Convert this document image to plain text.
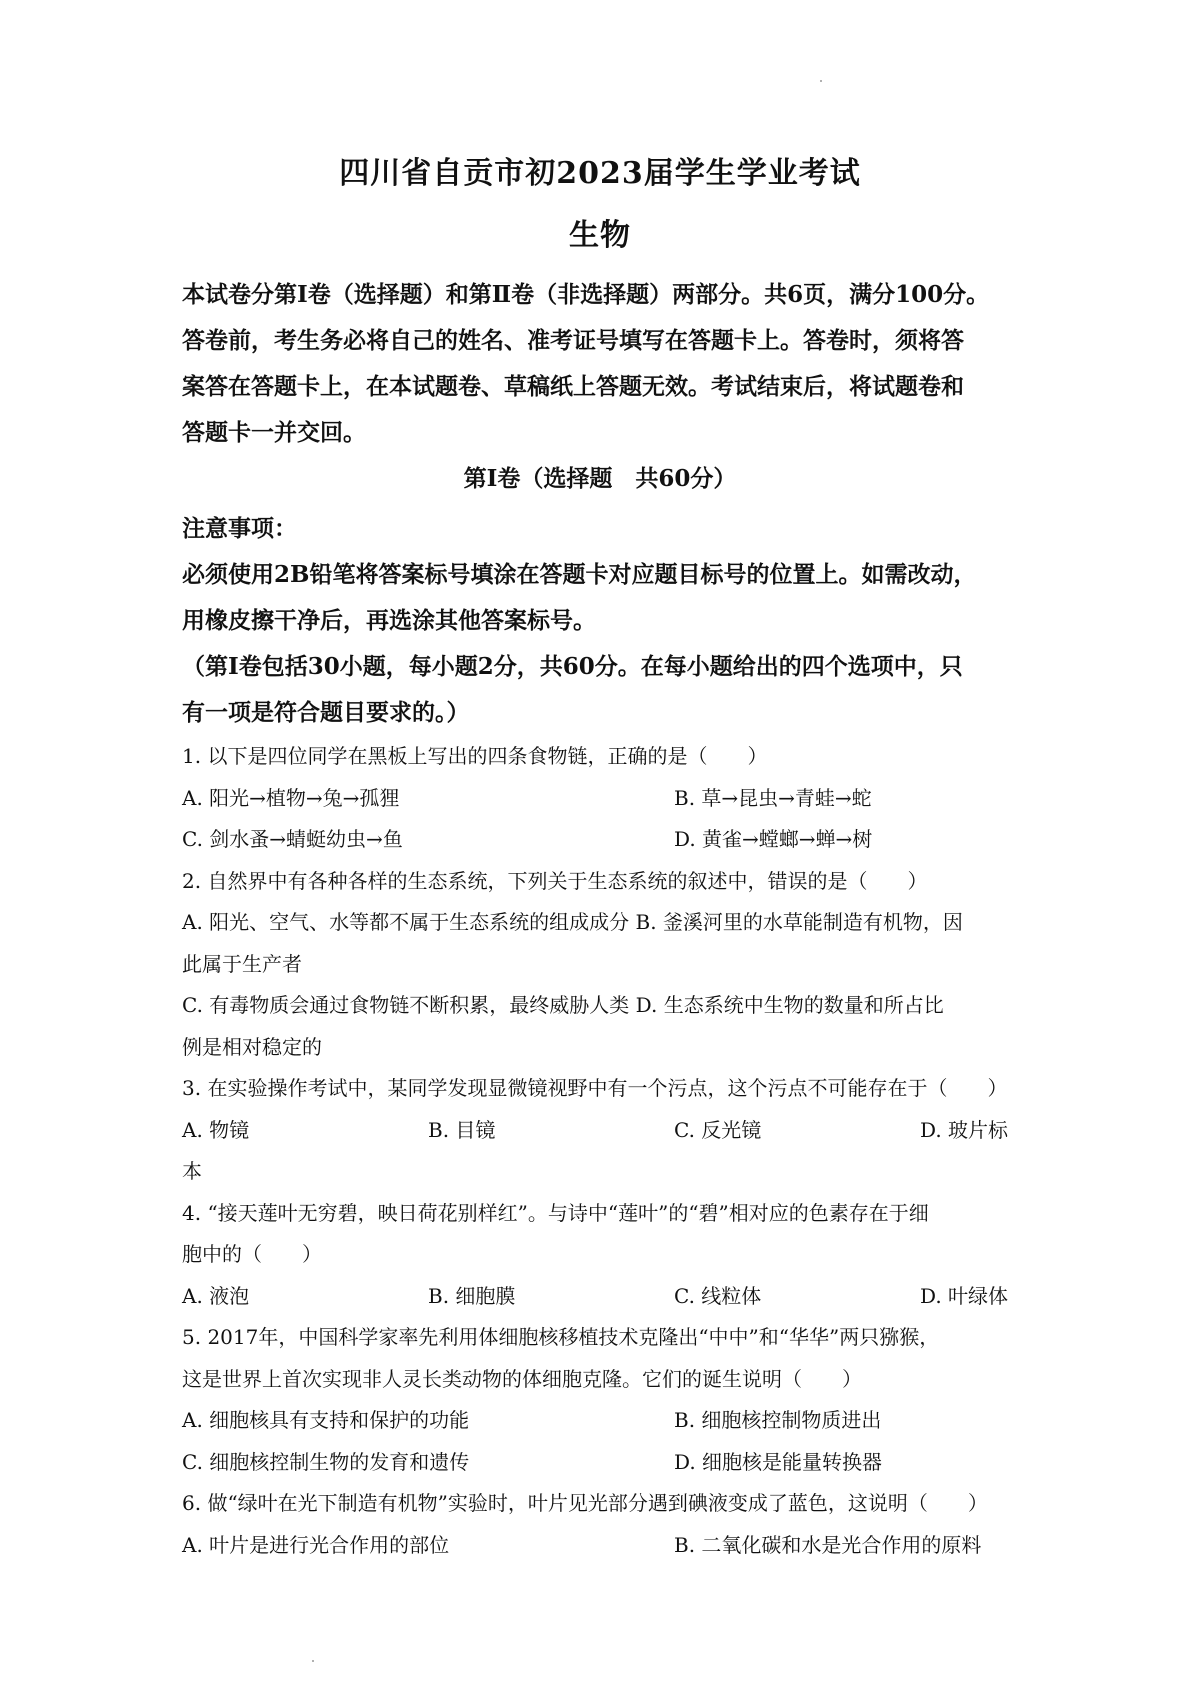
四川省自贡市初2023届学生学业考试
生物

本试卷分第Ⅰ卷（选择题）和第Ⅱ卷（非选择题）两部分。共6页，满分100分。

答卷前，考生务必将自己的姓名、准考证号填写在答题卡上。答卷时，须将答

案答在答题卡上，在本试题卷、草稿纸上答题无效。考试结束后，将试题卷和

答题卡一并交回。

第Ⅰ卷（选择题　共60分）

注意事项：

必须使用2B铅笔将答案标号填涂在答题卡对应题目标号的位置上。如需改动，

用橡皮擦干净后，再选涂其他答案标号。

（第Ⅰ卷包括30小题，每小题2分，共60分。在每小题给出的四个选项中，只

有一项是符合题目要求的。）

1. 以下是四位同学在黑板上写出的四条食物链，正确的是（　　）

A. 阳光→植物→兔→孤狸	B. 草→昆虫→青蛙→蛇
C. 剑水蚤→蜻蜓幼虫→鱼	D. 黄雀→螳螂→蝉→树

2. 自然界中有各种各样的生态系统，下列关于生态系统的叙述中，错误的是（　　）

A. 阳光、空气、水等都不属于生态系统的组成成分 B. 釜溪河里的水草能制造有机物，因

此属于生产者

C. 有毒物质会通过食物链不断积累，最终威胁人类 D. 生态系统中生物的数量和所占比

例是相对稳定的

3. 在实验操作考试中，某同学发现显微镜视野中有一个污点，这个污点不可能存在于（　　）

A. 物镜	B. 目镜	C. 反光镜	D. 玻片标

本

4. “接天莲叶无穷碧，映日荷花别样红”。与诗中“莲叶”的“碧”相对应的色素存在于细

胞中的（　　）

A. 液泡	B. 细胞膜	C. 线粒体	D. 叶绿体

5. 2017年，中国科学家率先利用体细胞核移植技术克隆出“中中”和“华华”两只猕猴，

这是世界上首次实现非人灵长类动物的体细胞克隆。它们的诞生说明（　　）

A. 细胞核具有支持和保护的功能	B. 细胞核控制物质进出
C. 细胞核控制生物的发育和遗传	D. 细胞核是能量转换器

6. 做“绿叶在光下制造有机物”实验时，叶片见光部分遇到碘液变成了蓝色，这说明（　　）

A. 叶片是进行光合作用的部位	B. 二氧化碳和水是光合作用的原料
